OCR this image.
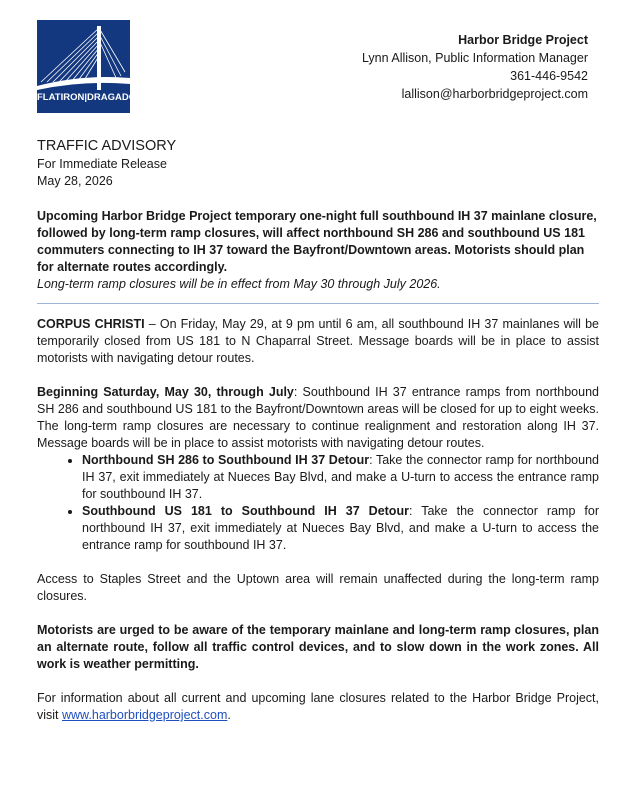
FLATIRON|DRAGADOS
Harbor Bridge Project
Lynn Allison, Public Information Manager
361-446-9542
lallison@harborbridgeproject.com
TRAFFIC ADVISORY
For Immediate Release
May 28, 2026
Upcoming Harbor Bridge Project temporary one-night full southbound IH 37 mainlane closure, followed by long-term ramp closures, will affect northbound SH 286 and southbound US 181 commuters connecting to IH 37 toward the Bayfront/Downtown areas. Motorists should plan for alternate routes accordingly.
Long-term ramp closures will be in effect from May 30 through July 2026.

CORPUS CHRISTI – On Friday, May 29, at 9 pm until 6 am, all southbound IH 37 mainlanes will be temporarily closed from US 181 to N Chaparral Street. Message boards will be in place to assist motorists with navigating detour routes.

Beginning Saturday, May 30, through July: Southbound IH 37 entrance ramps from northbound SH 286 and southbound US 181 to the Bayfront/Downtown areas will be closed for up to eight weeks. The long-term ramp closures are necessary to continue realignment and restoration along IH 37. Message boards will be in place to assist motorists with navigating detour routes.

• Northbound SH 286 to Southbound IH 37 Detour: Take the connector ramp for northbound IH 37, exit immediately at Nueces Bay Blvd, and make a U-turn to access the entrance ramp for southbound IH 37.
• Southbound US 181 to Southbound IH 37 Detour: Take the connector ramp for northbound IH 37, exit immediately at Nueces Bay Blvd, and make a U-turn to access the entrance ramp for southbound IH 37.

Access to Staples Street and the Uptown area will remain unaffected during the long-term ramp closures.

Motorists are urged to be aware of the temporary mainlane and long-term ramp closures, plan an alternate route, follow all traffic control devices, and to slow down in the work zones. All work is weather permitting.

For information about all current and upcoming lane closures related to the Harbor Bridge Project, visit www.harborbridgeproject.com.
